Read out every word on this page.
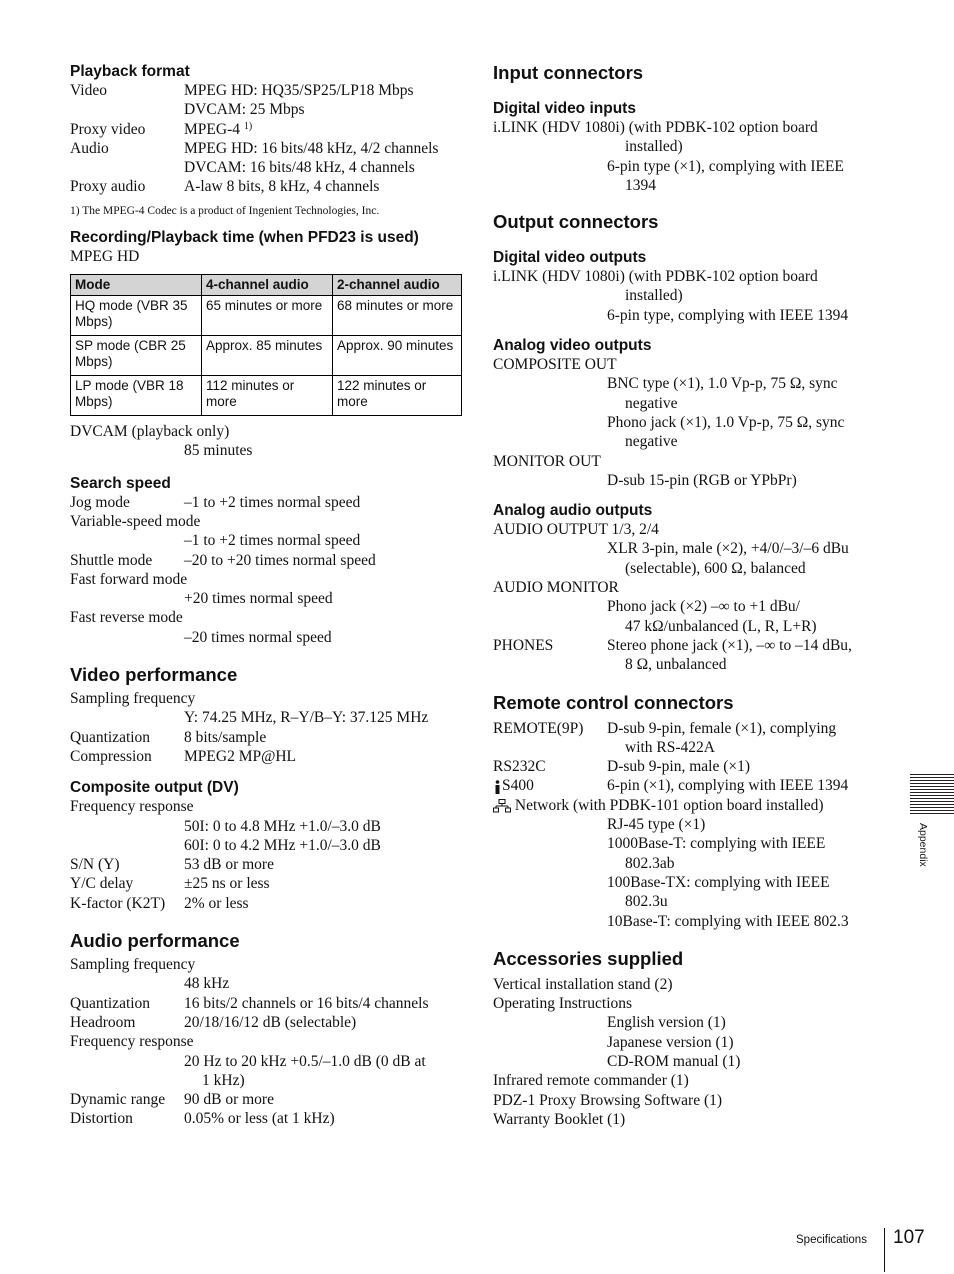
Playback format
Video	MPEG HD: HQ35/SP25/LP18 Mbps
DVCAM: 25 Mbps
Proxy video	MPEG-4 $^{1)}$
Audio	MPEG HD: 16 bits/48 kHz, 4/2 channels
DVCAM: 16 bits/48 kHz, 4 channels
Proxy audio	A-law 8 bits, 8 kHz, 4 channels
1) The MPEG-4 Codec is a product of Ingenient Technologies, Inc.
Recording/Playback time (when PFD23 is used)
MPEG HD
Mode	4-channel audio	2-channel audio
HQ mode (VBR 35 Mbps)	65 minutes or more	68 minutes or more
SP mode (CBR 25 Mbps)	Approx. 85 minutes	Approx. 90 minutes
LP mode (VBR 18 Mbps)	112 minutes or more	122 minutes or more
DVCAM (playback only)
85 minutes
Search speed
Jog mode	–1 to +2 times normal speed
Variable-speed mode
–1 to +2 times normal speed
Shuttle mode	–20 to +20 times normal speed
Fast forward mode
+20 times normal speed
Fast reverse mode
–20 times normal speed
Video performance
Sampling frequency
Y: 74.25 MHz, R–Y/B–Y: 37.125 MHz
Quantization	8 bits/sample
Compression	MPEG2 MP@HL
Composite output (DV)
Frequency response
50I: 0 to 4.8 MHz +1.0/–3.0 dB
60I: 0 to 4.2 MHz +1.0/–3.0 dB
S/N (Y)	53 dB or more
Y/C delay	±25 ns or less
K-factor (K2T)	2% or less
Audio performance
Sampling frequency
48 kHz
Quantization	16 bits/2 channels or 16 bits/4 channels
Headroom	20/18/16/12 dB (selectable)
Frequency response
20 Hz to 20 kHz +0.5/–1.0 dB (0 dB at
1 kHz)
Dynamic range	90 dB or more
Distortion	0.05% or less (at 1 kHz)
Input connectors
Digital video inputs
i.LINK (HDV 1080i) (with PDBK-102 option board
installed)
6-pin type (×1), complying with IEEE
1394
Output connectors
Digital video outputs
i.LINK (HDV 1080i) (with PDBK-102 option board
installed)
6-pin type, complying with IEEE 1394
Analog video outputs
COMPOSITE OUT
BNC type (×1), 1.0 Vp-p, 75 Ω, sync
negative
Phono jack (×1), 1.0 Vp-p, 75 Ω, sync
negative
MONITOR OUT
D-sub 15-pin (RGB or YPbPr)
Analog audio outputs
AUDIO OUTPUT 1/3, 2/4
XLR 3-pin, male (×2), +4/0/–3/–6 dBu
(selectable), 600 Ω, balanced
AUDIO MONITOR
Phono jack (×2) –∞ to +1 dBu/
47 kΩ/unbalanced (L, R, L+R)
PHONES	Stereo phone jack (×1), –∞ to –14 dBu,
8 Ω, unbalanced
Remote control connectors
REMOTE(9P)	D-sub 9-pin, female (×1), complying
with RS-422A
RS232C	D-sub 9-pin, male (×1)
S400	6-pin (×1), complying with IEEE 1394
Network (with PDBK-101 option board installed)
RJ-45 type (×1)
1000Base-T: complying with IEEE
802.3ab
100Base-TX: complying with IEEE
802.3u
10Base-T: complying with IEEE 802.3
Accessories supplied
Vertical installation stand (2)
Operating Instructions
English version (1)
Japanese version (1)
CD-ROM manual (1)
Infrared remote commander (1)
PDZ-1 Proxy Browsing Software (1)
Warranty Booklet (1)
Appendix
Specifications 107
